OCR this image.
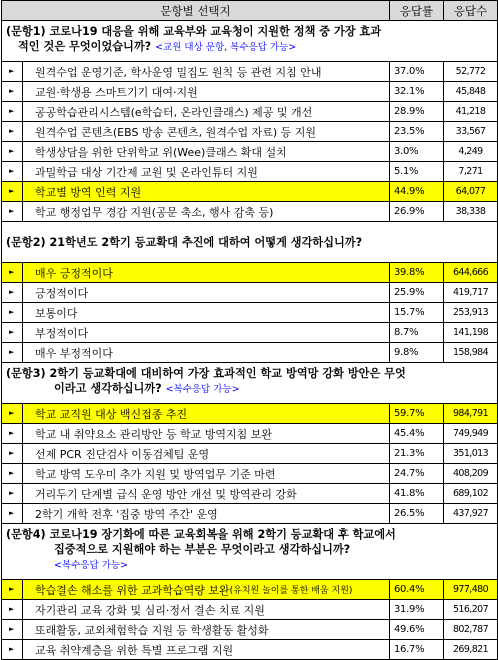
문항별 선택지	응답률	응답수

(문항1) 코로나19 대응을 위해 교육부와 교육청이 지원한 정책 중 가장 효과
적인 것은 무엇이었습니까? <교원 대상 문항, 복수응답 가능>		

► 원격수업 운영기준, 학사운영 밀집도 원칙 등 관련 지침 안내	37.0%	52,772

► 교원·학생용 스마트기기 대여·지원	32.1%	45,848

► 공공학습관리시스템(e학습터, 온라인클래스) 제공 및 개선	28.9%	41,218

► 원격수업 콘텐츠(EBS 방송 콘텐츠, 원격수업 자료) 등 지원	23.5%	33,567

► 학생상담을 위한 단위학교 위(Wee)클래스 확대 설치	3.0%	4,249

► 과밀학급 대상 기간제 교원 및 온라인튜터 지원	5.1%	7,271

► 학교별 방역 인력 지원	44.9%	64,077

► 학교 행정업무 경감 지원(공문 축소, 행사 감축 등)	26.9%	38,338

(문항2) 21학년도 2학기 등교확대 추진에 대하여 어떻게 생각하십니까?		

► 매우 긍정적이다	39.8%	644,666

► 긍정적이다	25.9%	419,717

► 보통이다	15.7%	253,913

► 부정적이다	8.7%	141,198

► 매우 부정적이다	9.8%	158,984

(문항3) 2학기 등교확대에 대비하여 가장 효과적인 학교 방역망 강화 방안은 무엇
이라고 생각하십니까? <복수응답 가능>		

► 학교 교직원 대상 백신접종 추진	59.7%	984,791

► 학교 내 취약요소 관리방안 등 학교 방역지침 보완	45.4%	749,949

► 선제 PCR 진단검사 이동검체팀 운영	21.3%	351,013

► 학교 방역 도우미 추가 지원 및 방역업무 기준 마련	24.7%	408,209

► 거리두기 단계별 급식 운영 방안 개선 및 방역관리 강화	41.8%	689,102

► 2학기 개학 전후 '집중 방역 주간' 운영	26.5%	437,927

(문항4) 코로나19 장기화에 따른 교육회복을 위해 2학기 등교확대 후 학교에서
집중적으로 지원해야 하는 부분은 무엇이라고 생각하십니까?
<복수응답 가능>		

► 학습결손 해소를 위한 교과학습역량 보완 (유치원 놀이를 통한 배움 지원)	60.4%	977,480

► 자기관리 교육 강화 및 심리·정서 결손 치료 지원	31.9%	516,207

► 또래활동, 교외체험학습 지원 등 학생활동 활성화	49.6%	802,787

► 교육 취약계층을 위한 특별 프로그램 지원	16.7%	269,821
